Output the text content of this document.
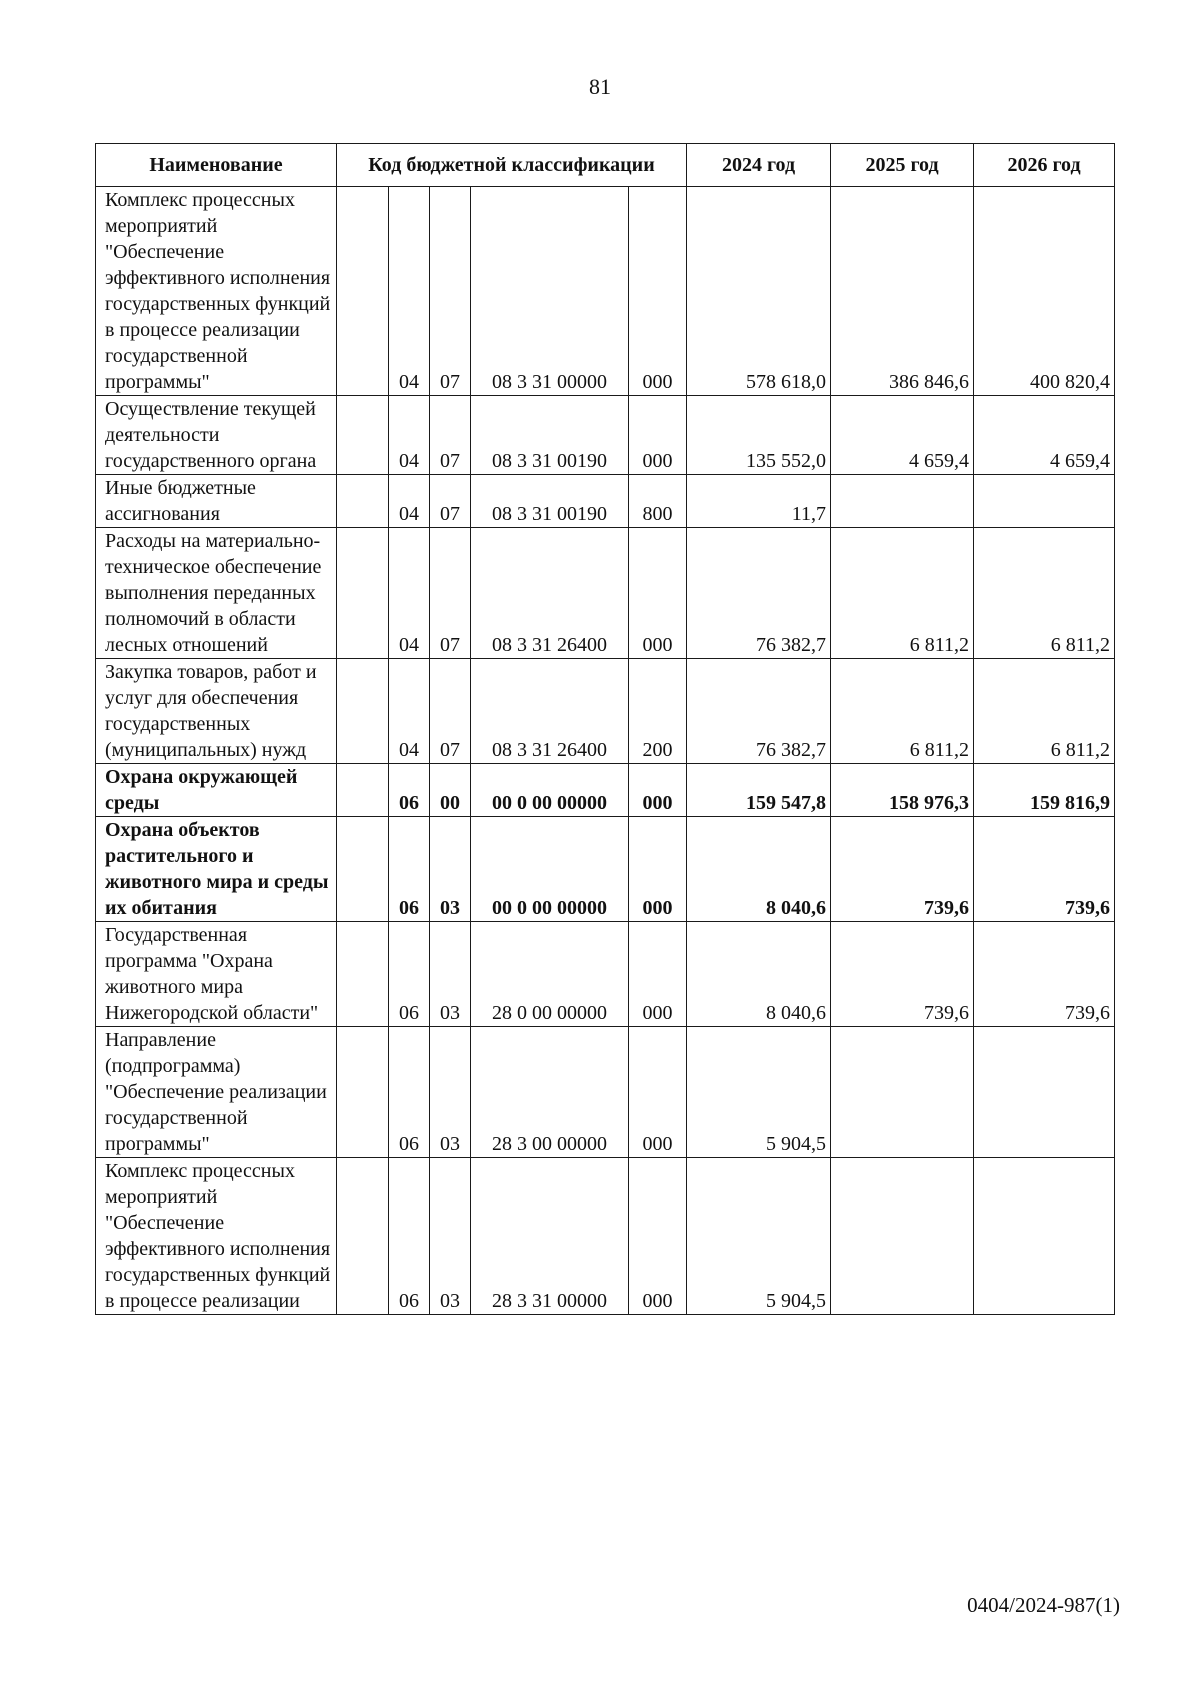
81
Наименование	Код бюджетной классификации					2024 год	2025 год	2026 год
Комплекс процессных мероприятий "Обеспечение эффективного исполнения государственных функций в процессе реализации государственной программы"		04	07	08 3 31 00000	000	578 618,0	386 846,6	400 820,4
Осуществление текущей деятельности государственного органа		04	07	08 3 31 00190	000	135 552,0	4 659,4	4 659,4
Иные бюджетные ассигнования		04	07	08 3 31 00190	800	11,7		
Расходы на материально-техническое обеспечение выполнения переданных полномочий в области лесных отношений		04	07	08 3 31 26400	000	76 382,7	6 811,2	6 811,2
Закупка товаров, работ и услуг для обеспечения государственных (муниципальных) нужд		04	07	08 3 31 26400	200	76 382,7	6 811,2	6 811,2
Охрана окружающей среды		06	00	00 0 00 00000	000	159 547,8	158 976,3	159 816,9
Охрана объектов растительного и животного мира и среды их обитания		06	03	00 0 00 00000	000	8 040,6	739,6	739,6
Государственная программа "Охрана животного мира Нижегородской области"		06	03	28 0 00 00000	000	8 040,6	739,6	739,6
Направление (подпрограмма) "Обеспечение реализации государственной программы"		06	03	28 3 00 00000	000	5 904,5		
Комплекс процессных мероприятий "Обеспечение эффективного исполнения государственных функций в процессе реализации		06	03	28 3 31 00000	000	5 904,5		
0404/2024-987(1)
